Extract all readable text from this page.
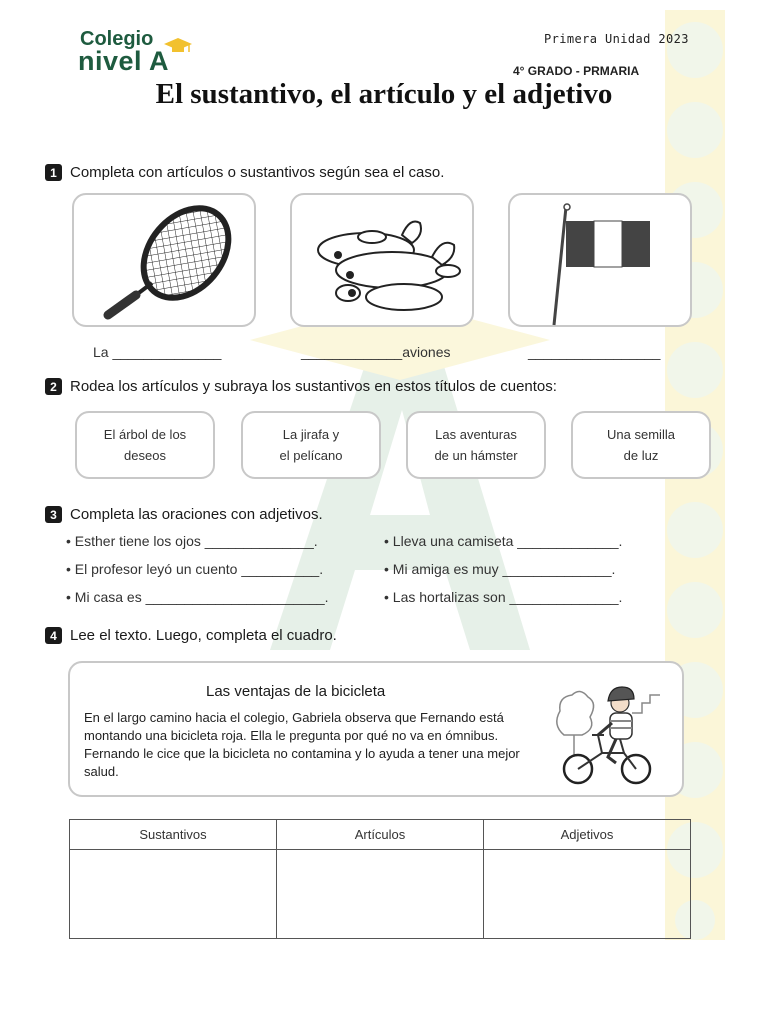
Colegio
nivel A
Primera Unidad 2023
4° GRADO - PRMARIA
El sustantivo, el artículo y el adjetivo
1 Completa con artículos o sustantivos según sea el caso.
La ______________	_____________aviones	_________________
2 Rodea los artículos y subraya los sustantivos en estos títulos de cuentos:
El árbol de los
deseos
La jirafa y
el pelícano
Las aventuras
de un hámster
Una semilla
de luz
3 Completa las oraciones con adjetivos.
• Esther tiene los ojos ______________.
• El profesor leyó un cuento __________.
• Mi casa es _______________________.
• Lleva una camiseta _____________.
• Mi amiga es muy ______________.
• Las hortalizas son ______________.
4 Lee el texto. Luego, completa el cuadro.
Las ventajas de la bicicleta
En el largo camino hacia el colegio, Gabriela observa que Fernando está montando una bicicleta roja. Ella le pregunta por qué no va en ómnibus. Fernando le cice que la bicicleta no contamina y lo ayuda a tener una mejor salud.
Sustantivos	Artículos	Adjetivos
